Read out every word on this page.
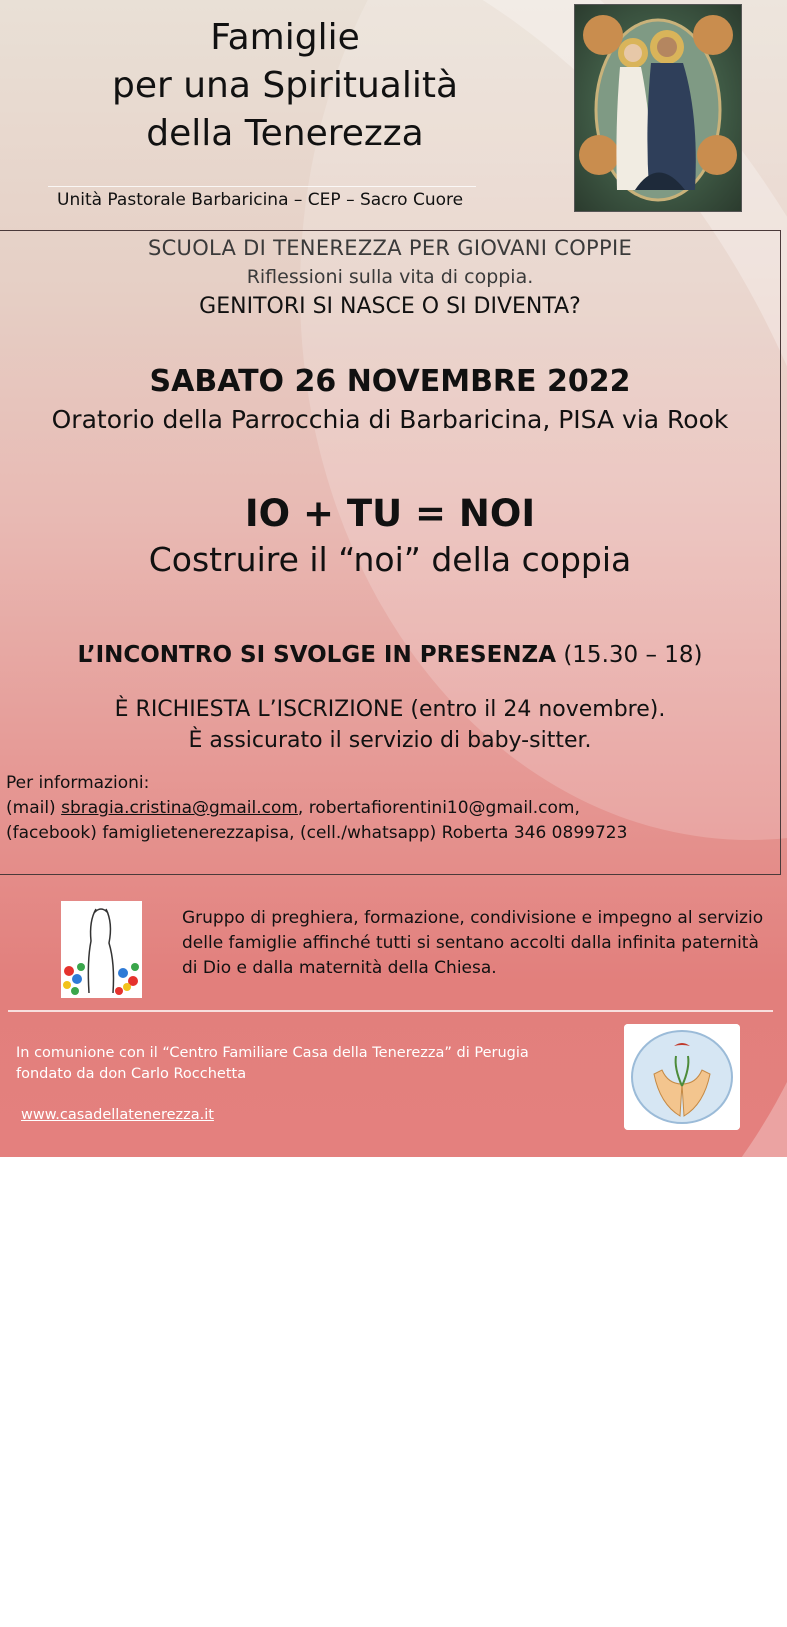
Famiglie
per una Spiritualità
della Tenerezza
Unità Pastorale Barbaricina – CEP – Sacro Cuore
SCUOLA DI TENEREZZA PER GIOVANI COPPIE
Riflessioni sulla vita di coppia.
GENITORI SI NASCE O SI DIVENTA?
SABATO 26 NOVEMBRE 2022
Oratorio della Parrocchia di Barbaricina, PISA via Rook
IO + TU = NOI
Costruire il “noi” della coppia
L’INCONTRO SI SVOLGE IN PRESENZA (15.30 – 18)
È RICHIESTA L’ISCRIZIONE (entro il 24 novembre).
È assicurato il servizio di baby-sitter.
Per informazioni:
(mail) sbragia.cristina@gmail.com, robertafiorentini10@gmail.com,
(facebook) famiglietenerezzapisa, (cell./whatsapp) Roberta 346 0899723
Gruppo di preghiera, formazione, condivisione e impegno al servizio delle famiglie affinché tutti si sentano accolti dalla infinita paternità di Dio e dalla maternità della Chiesa.
In comunione con il “Centro Familiare Casa della Tenerezza” di Perugia
fondato da don Carlo Rocchetta
www.casadellatenerezza.it
